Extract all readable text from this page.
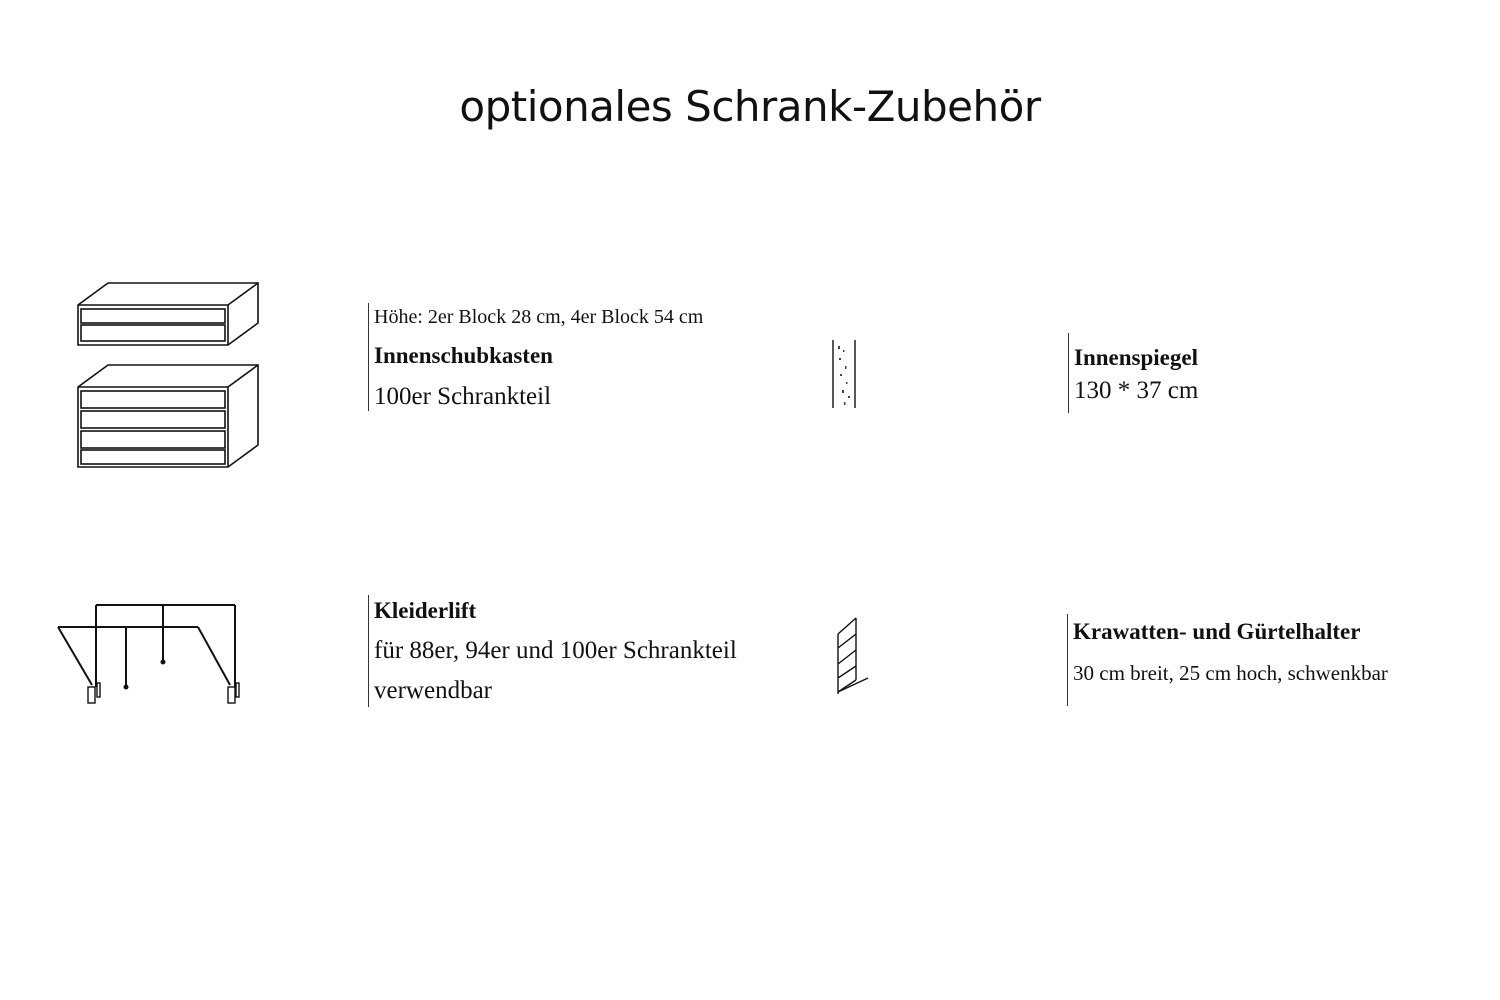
optionales Schrank-Zubehör
Höhe: 2er Block 28 cm, 4er Block 54 cm
Innenschubkasten
100er Schrankteil
Innenspiegel
130 * 37 cm
Kleiderlift
für 88er, 94er und 100er Schrankteil
verwendbar
Krawatten- und Gürtelhalter
30 cm breit, 25 cm hoch, schwenkbar
